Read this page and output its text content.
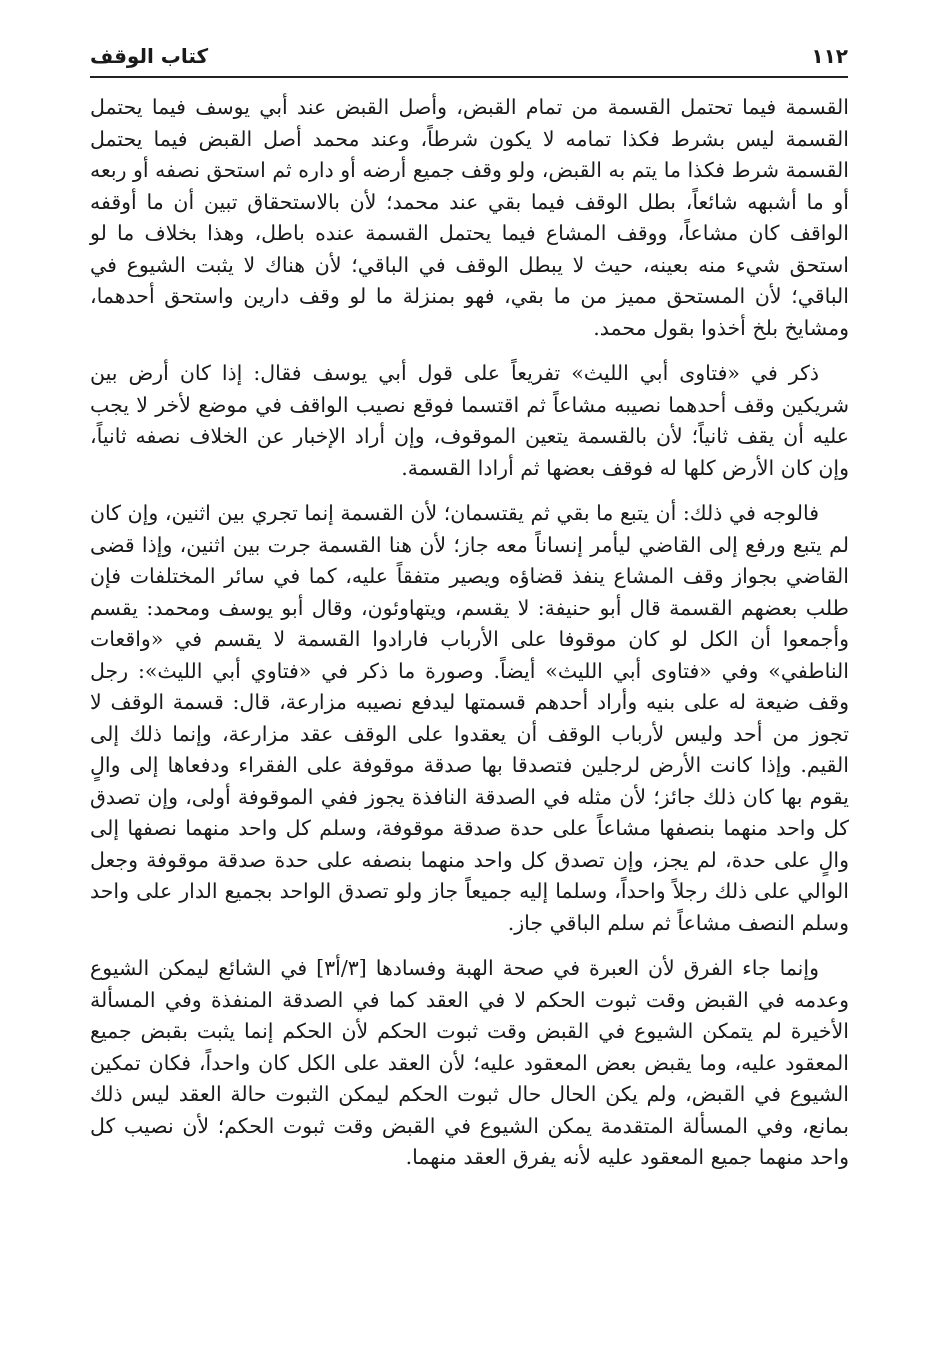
١١٢
كتاب الوقف

القسمة فيما تحتمل القسمة من تمام القبض، وأصل القبض عند أبي يوسف فيما يحتمل القسمة ليس بشرط فكذا تمامه لا يكون شرطاً، وعند محمد أصل القبض فيما يحتمل القسمة شرط فكذا ما يتم به القبض، ولو وقف جميع أرضه أو داره ثم استحق نصفه أو ربعه أو ما أشبهه شائعاً، بطل الوقف فيما بقي عند محمد؛ لأن بالاستحقاق تبين أن ما أوقفه الواقف كان مشاعاً، ووقف المشاع فيما يحتمل القسمة عنده باطل، وهذا بخلاف ما لو استحق شيء منه بعينه، حيث لا يبطل الوقف في الباقي؛ لأن هناك لا يثبت الشيوع في الباقي؛ لأن المستحق مميز من ما بقي، فهو بمنزلة ما لو وقف دارين واستحق أحدهما، ومشايخ بلخ أخذوا بقول محمد.

ذكر في «فتاوى أبي الليث» تفريعاً على قول أبي يوسف فقال: إذا كان أرض بين شريكين وقف أحدهما نصيبه مشاعاً ثم اقتسما فوقع نصيب الواقف في موضع لأخر لا يجب عليه أن يقف ثانياً؛ لأن بالقسمة يتعين الموقوف، وإن أراد الإخبار عن الخلاف نصفه ثانياً، وإن كان الأرض كلها له فوقف بعضها ثم أرادا القسمة.

فالوجه في ذلك: أن يتبع ما بقي ثم يقتسمان؛ لأن القسمة إنما تجري بين اثنين، وإن كان لم يتبع ورفع إلى القاضي ليأمر إنساناً معه جاز؛ لأن هنا القسمة جرت بين اثنين، وإذا قضى القاضي بجواز وقف المشاع ينفذ قضاؤه ويصير متفقاً عليه، كما في سائر المختلفات فإن طلب بعضهم القسمة قال أبو حنيفة: لا يقسم، ويتهاوئون، وقال أبو يوسف ومحمد: يقسم وأجمعوا أن الكل لو كان موقوفا على الأرباب فارادوا القسمة لا يقسم في «واقعات الناطفي» وفي «فتاوى أبي الليث» أيضاً. وصورة ما ذكر في «فتاوي أبي الليث»: رجل وقف ضيعة له على بنيه وأراد أحدهم قسمتها ليدفع نصيبه مزارعة، قال: قسمة الوقف لا تجوز من أحد وليس لأرباب الوقف أن يعقدوا على الوقف عقد مزارعة، وإنما ذلك إلى القيم. وإذا كانت الأرض لرجلين فتصدقا بها صدقة موقوفة على الفقراء ودفعاها إلى والٍ يقوم بها كان ذلك جائز؛ لأن مثله في الصدقة النافذة يجوز ففي الموقوفة أولى، وإن تصدق كل واحد منهما بنصفها مشاعاً على حدة صدقة موقوفة، وسلم كل واحد منهما نصفها إلى والٍ على حدة، لم يجز، وإن تصدق كل واحد منهما بنصفه على حدة صدقة موقوفة وجعل الوالي على ذلك رجلاً واحداً، وسلما إليه جميعاً جاز ولو تصدق الواحد بجميع الدار على واحد وسلم النصف مشاعاً ثم سلم الباقي جاز.

وإنما جاء الفرق لأن العبرة في صحة الهبة وفسادها [٣/أ٣] في الشائع ليمكن الشيوع وعدمه في القبض وقت ثبوت الحكم لا في العقد كما في الصدقة المنفذة وفي المسألة الأخيرة لم يتمكن الشيوع في القبض وقت ثبوت الحكم لأن الحكم إنما يثبت بقبض جميع المعقود عليه، وما يقبض بعض المعقود عليه؛ لأن العقد على الكل كان واحداً، فكان تمكين الشيوع في القبض، ولم يكن الحال حال ثبوت الحكم ليمكن الثبوت حالة العقد ليس ذلك بمانع، وفي المسألة المتقدمة يمكن الشيوع في القبض وقت ثبوت الحكم؛ لأن نصيب كل واحد منهما جميع المعقود عليه لأنه يفرق العقد منهما.
